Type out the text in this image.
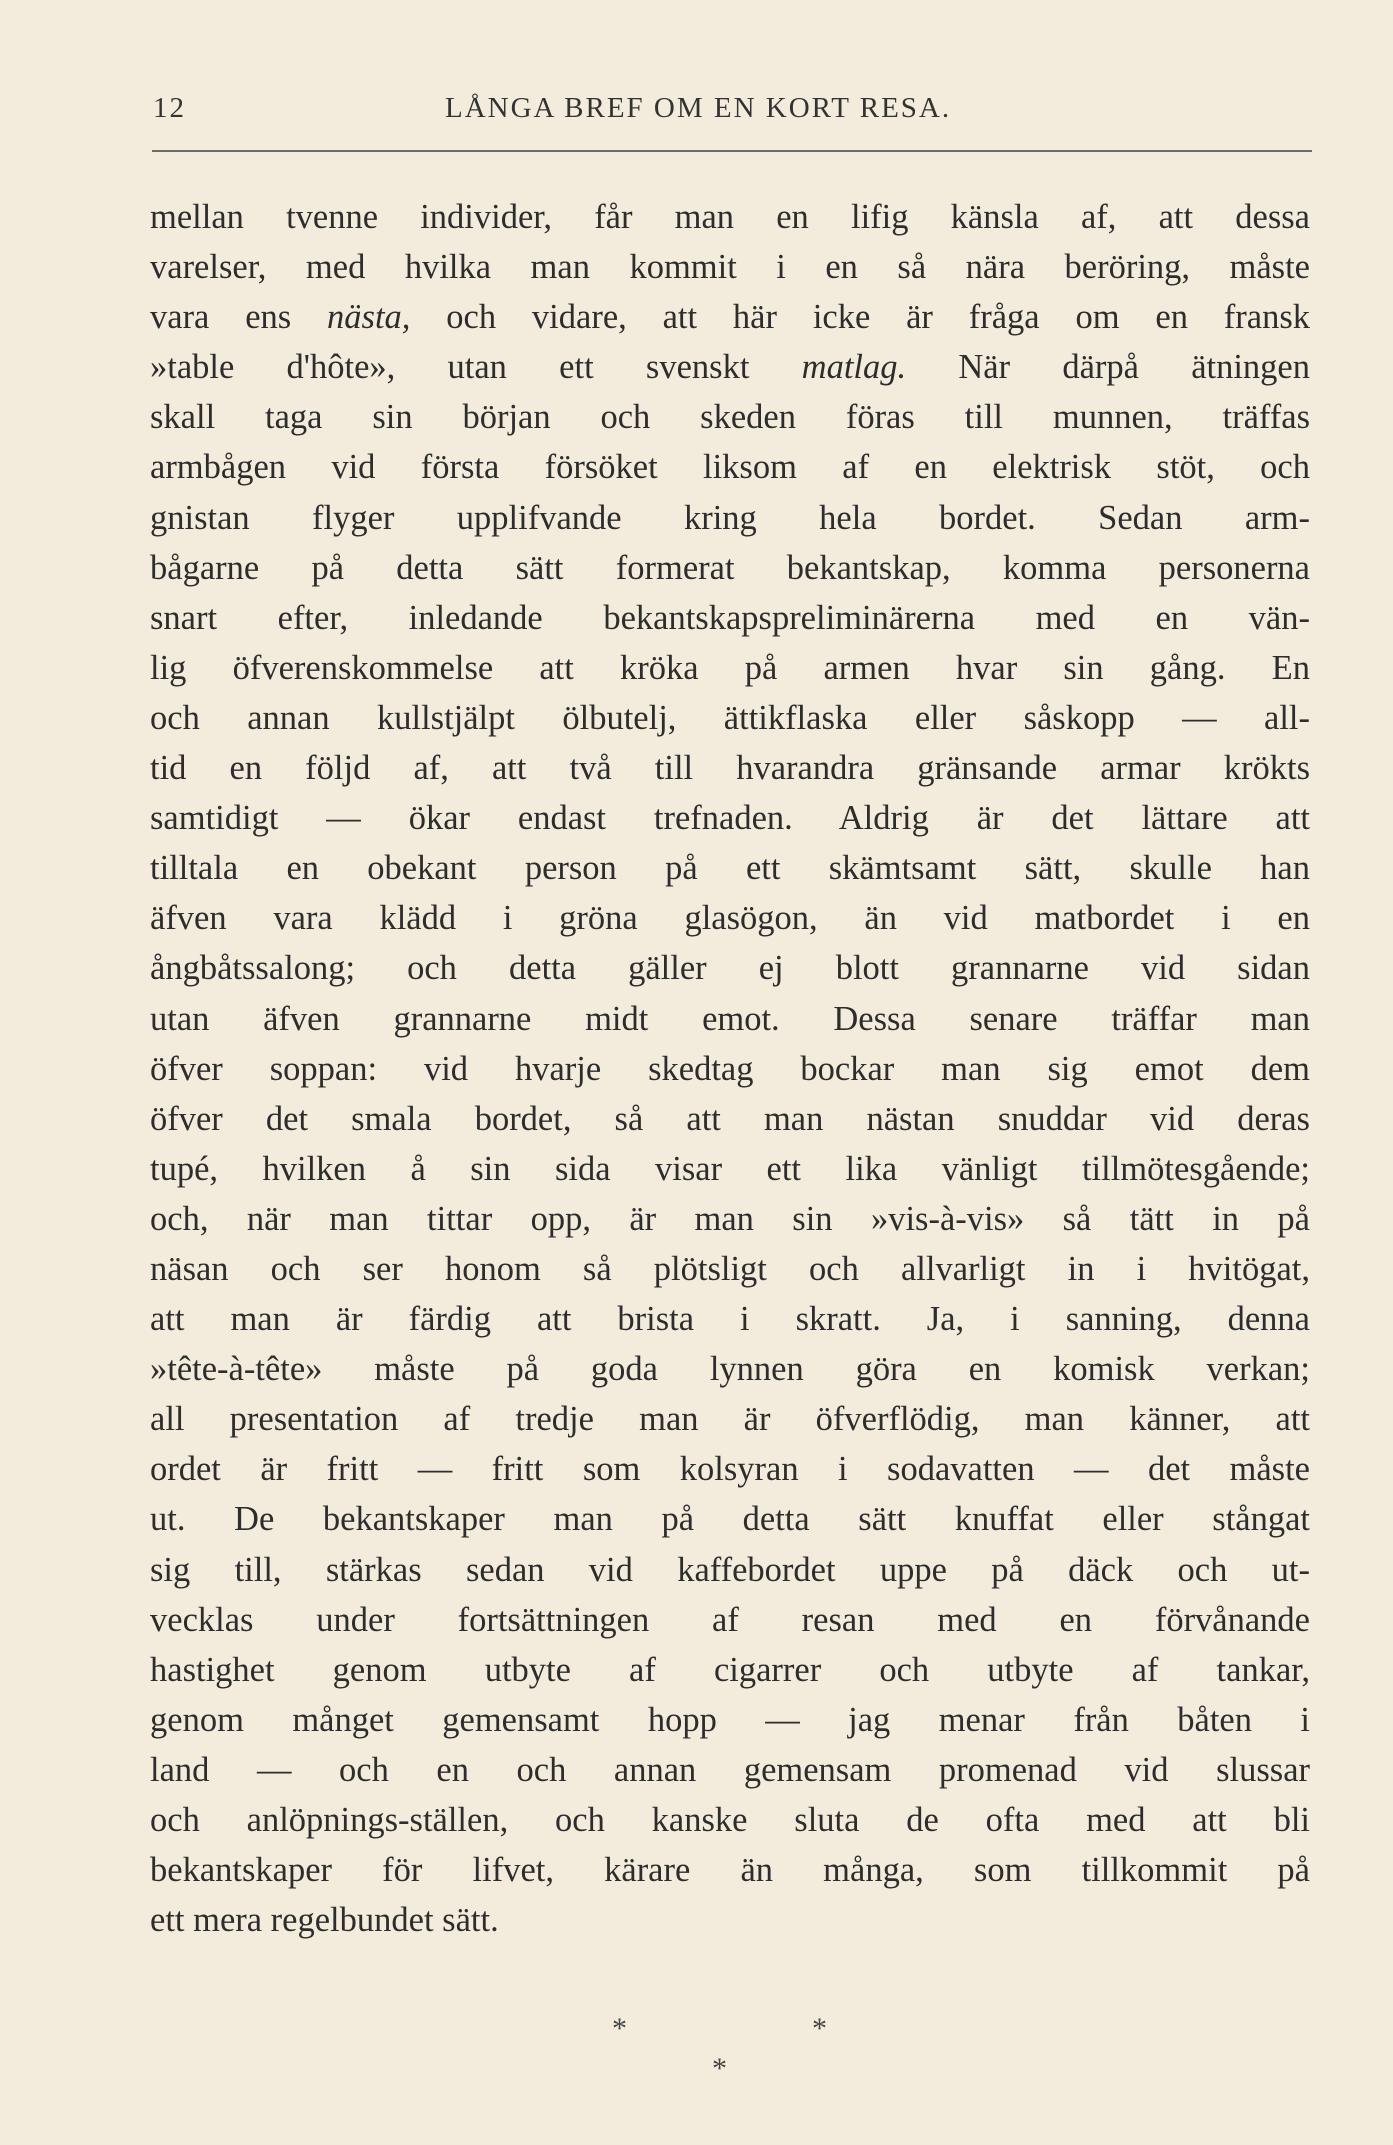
12	LÅNGA BREF OM EN KORT RESA.
mellan tvenne individer, får man en lifig känsla af, att dessa
varelser, med hvilka man kommit i en så nära beröring, måste
vara ens nästa, och vidare, att här icke är fråga om en fransk
»table d'hôte», utan ett svenskt matlag. När därpå ätningen
skall taga sin början och skeden föras till munnen, träffas
armbågen vid första försöket liksom af en elektrisk stöt, och
gnistan flyger upplifvande kring hela bordet. Sedan arm-
bågarne på detta sätt formerat bekantskap, komma personerna
snart efter, inledande bekantskapspreliminärerna med en vän-
lig öfverenskommelse att kröka på armen hvar sin gång. En
och annan kullstjälpt ölbutelj, ättikflaska eller såskopp — all-
tid en följd af, att två till hvarandra gränsande armar krökts
samtidigt — ökar endast trefnaden. Aldrig är det lättare att
tilltala en obekant person på ett skämtsamt sätt, skulle han
äfven vara klädd i gröna glasögon, än vid matbordet i en
ångbåtssalong; och detta gäller ej blott grannarne vid sidan
utan äfven grannarne midt emot. Dessa senare träffar man
öfver soppan: vid hvarje skedtag bockar man sig emot dem
öfver det smala bordet, så att man nästan snuddar vid deras
tupé, hvilken å sin sida visar ett lika vänligt tillmötesgående;
och, när man tittar opp, är man sin »vis-à-vis» så tätt in på
näsan och ser honom så plötsligt och allvarligt in i hvitögat,
att man är färdig att brista i skratt. Ja, i sanning, denna
»tête-à-tête» måste på goda lynnen göra en komisk verkan;
all presentation af tredje man är öfverflödig, man känner, att
ordet är fritt — fritt som kolsyran i sodavatten — det måste
ut. De bekantskaper man på detta sätt knuffat eller stångat
sig till, stärkas sedan vid kaffebordet uppe på däck och ut-
vecklas under fortsättningen af resan med en förvånande
hastighet genom utbyte af cigarrer och utbyte af tankar,
genom månget gemensamt hopp — jag menar från båten i
land — och en och annan gemensam promenad vid slussar
och anlöpnings-ställen, och kanske sluta de ofta med att bli
bekantskaper för lifvet, kärare än många, som tillkommit på
ett mera regelbundet sätt.
*	*
*
